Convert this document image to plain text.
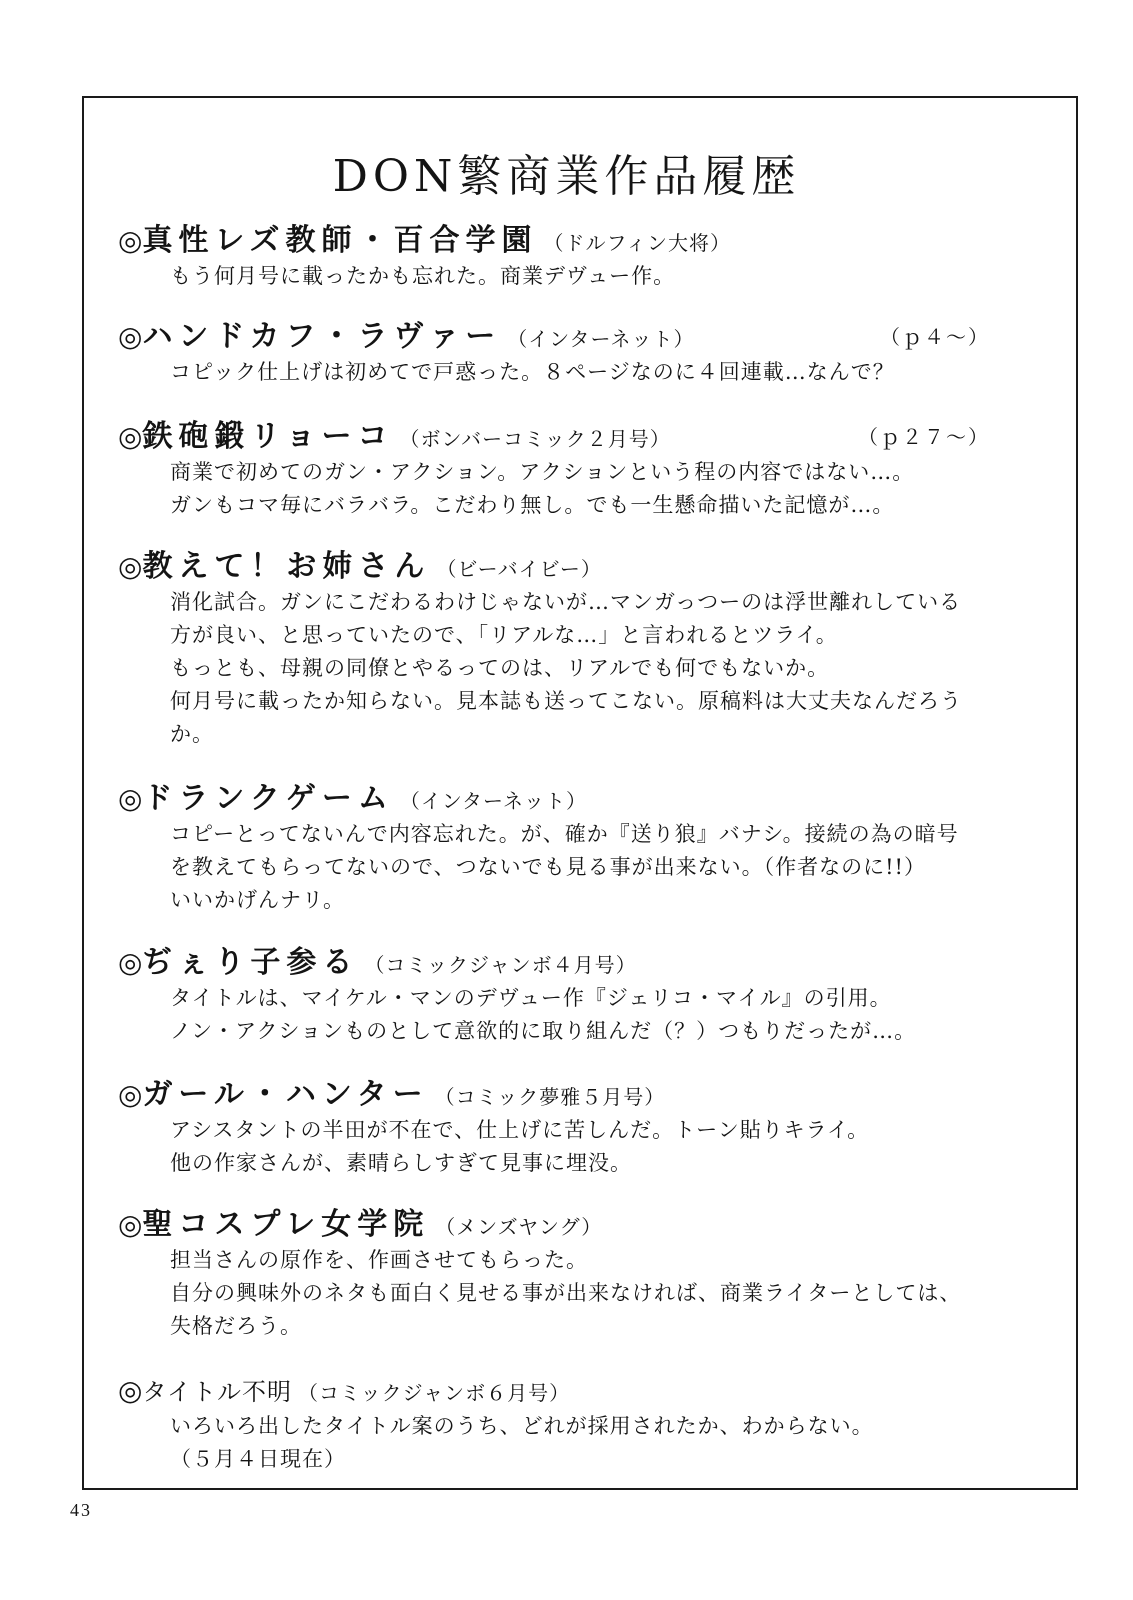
DON繁商業作品履歴
◎真性レズ教師・百合学園 （ドルフィン大将）
もう何月号に載ったかも忘れた。商業デヴュー作。
◎ハンドカフ・ラヴァー （インターネット）	（ｐ４～）
コピック仕上げは初めてで戸惑った。８ページなのに４回連載…なんで？
◎鉄砲鍛リョーコ （ボンバーコミック２月号）	（ｐ２７～）
商業で初めてのガン・アクション。アクションという程の内容ではない…。
ガンもコマ毎にバラバラ。こだわり無し。でも一生懸命描いた記憶が…。
◎教えて！お姉さん （ビーバイビー）
消化試合。ガンにこだわるわけじゃないが…マンガっつーのは浮世離れしている
方が良い、と思っていたので、「リアルな…」と言われるとツライ。
もっとも、母親の同僚とやるってのは、リアルでも何でもないか。
何月号に載ったか知らない。見本誌も送ってこない。原稿料は大丈夫なんだろう
か。
◎ドランクゲーム （インターネット）
コピーとってないんで内容忘れた。が、確か『送り狼』バナシ。接続の為の暗号
を教えてもらってないので、つないでも見る事が出来ない。（作者なのに!!）
いいかげんナリ。
◎ぢぇり子参る （コミックジャンボ４月号）
タイトルは、マイケル・マンのデヴュー作『ジェリコ・マイル』の引用。
ノン・アクションものとして意欲的に取り組んだ（？）つもりだったが…。
◎ガール・ハンター （コミック夢雅５月号）
アシスタントの半田が不在で、仕上げに苦しんだ。トーン貼りキライ。
他の作家さんが、素晴らしすぎて見事に埋没。
◎聖コスプレ女学院 （メンズヤング）
担当さんの原作を、作画させてもらった。
自分の興味外のネタも面白く見せる事が出来なければ、商業ライターとしては、
失格だろう。
◎タイトル不明 （コミックジャンボ６月号）
いろいろ出したタイトル案のうち、どれが採用されたか、わからない。
（５月４日現在）
43
